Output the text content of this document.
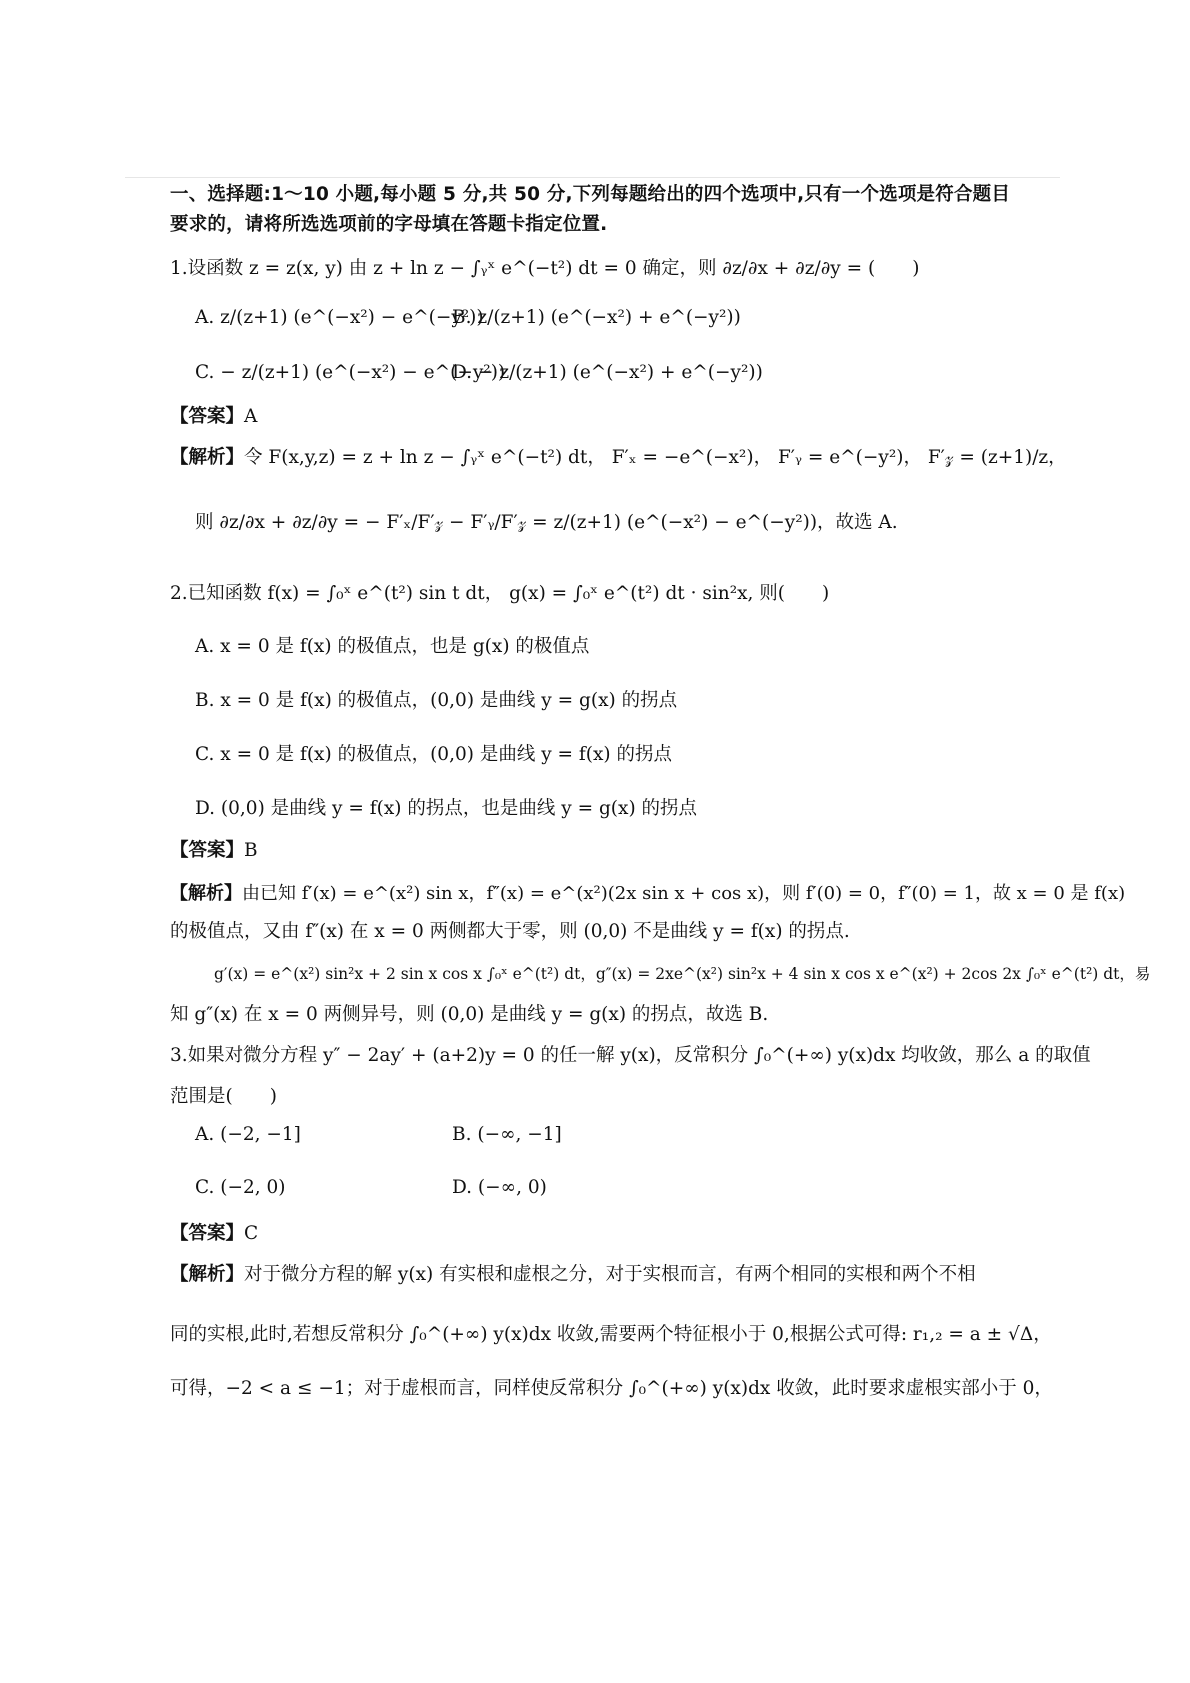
一、选择题:1～10 小题,每小题 5 分,共 50 分,下列每题给出的四个选项中,只有一个选项是符合题目
要求的，请将所选选项前的字母填在答题卡指定位置.
1.设函数 z = z(x, y) 由 z + ln z − ∫ᵧˣ e^(−t²) dt = 0 确定，则 ∂z/∂x + ∂z/∂y = (　　)
A. z/(z+1) (e^(−x²) − e^(−y²))
B. z/(z+1) (e^(−x²) + e^(−y²))
C. − z/(z+1) (e^(−x²) − e^(−y²))
D. − z/(z+1) (e^(−x²) + e^(−y²))
【答案】A
【解析】令 F(x,y,z) = z + ln z − ∫ᵧˣ e^(−t²) dt， F′ₓ = −e^(−x²)， F′ᵧ = e^(−y²)， F′𝓏 = (z+1)/z，
则 ∂z/∂x + ∂z/∂y = − F′ₓ/F′𝓏 − F′ᵧ/F′𝓏 = z/(z+1) (e^(−x²) − e^(−y²))，故选 A.
2.已知函数 f(x) = ∫₀ˣ e^(t²) sin t dt， g(x) = ∫₀ˣ e^(t²) dt · sin²x, 则(　　)
A. x = 0 是 f(x) 的极值点，也是 g(x) 的极值点
B. x = 0 是 f(x) 的极值点，(0,0) 是曲线 y = g(x) 的拐点
C. x = 0 是 f(x) 的极值点，(0,0) 是曲线 y = f(x) 的拐点
D. (0,0) 是曲线 y = f(x) 的拐点，也是曲线 y = g(x) 的拐点
【答案】B
【解析】由已知 f′(x) = e^(x²) sin x，f″(x) = e^(x²)(2x sin x + cos x)，则 f′(0) = 0，f″(0) = 1，故 x = 0 是 f(x)
的极值点，又由 f″(x) 在 x = 0 两侧都大于零，则 (0,0) 不是曲线 y = f(x) 的拐点.
g′(x) = e^(x²) sin²x + 2 sin x cos x ∫₀ˣ e^(t²) dt，g″(x) = 2xe^(x²) sin²x + 4 sin x cos x e^(x²) + 2cos 2x ∫₀ˣ e^(t²) dt，易
知 g″(x) 在 x = 0 两侧异号，则 (0,0) 是曲线 y = g(x) 的拐点，故选 B.
3.如果对微分方程 y″ − 2ay′ + (a+2)y = 0 的任一解 y(x)，反常积分 ∫₀^(+∞) y(x)dx 均收敛，那么 a 的取值
范围是(　　)
A. (−2, −1]	B. (−∞, −1]
C. (−2, 0)	D. (−∞, 0)
【答案】C
【解析】对于微分方程的解 y(x) 有实根和虚根之分，对于实根而言，有两个相同的实根和两个不相
同的实根,此时,若想反常积分 ∫₀^(+∞) y(x)dx 收敛,需要两个特征根小于 0,根据公式可得: r₁,₂ = a ± √Δ，
可得，−2 < a ≤ −1；对于虚根而言，同样使反常积分 ∫₀^(+∞) y(x)dx 收敛，此时要求虚根实部小于 0，
